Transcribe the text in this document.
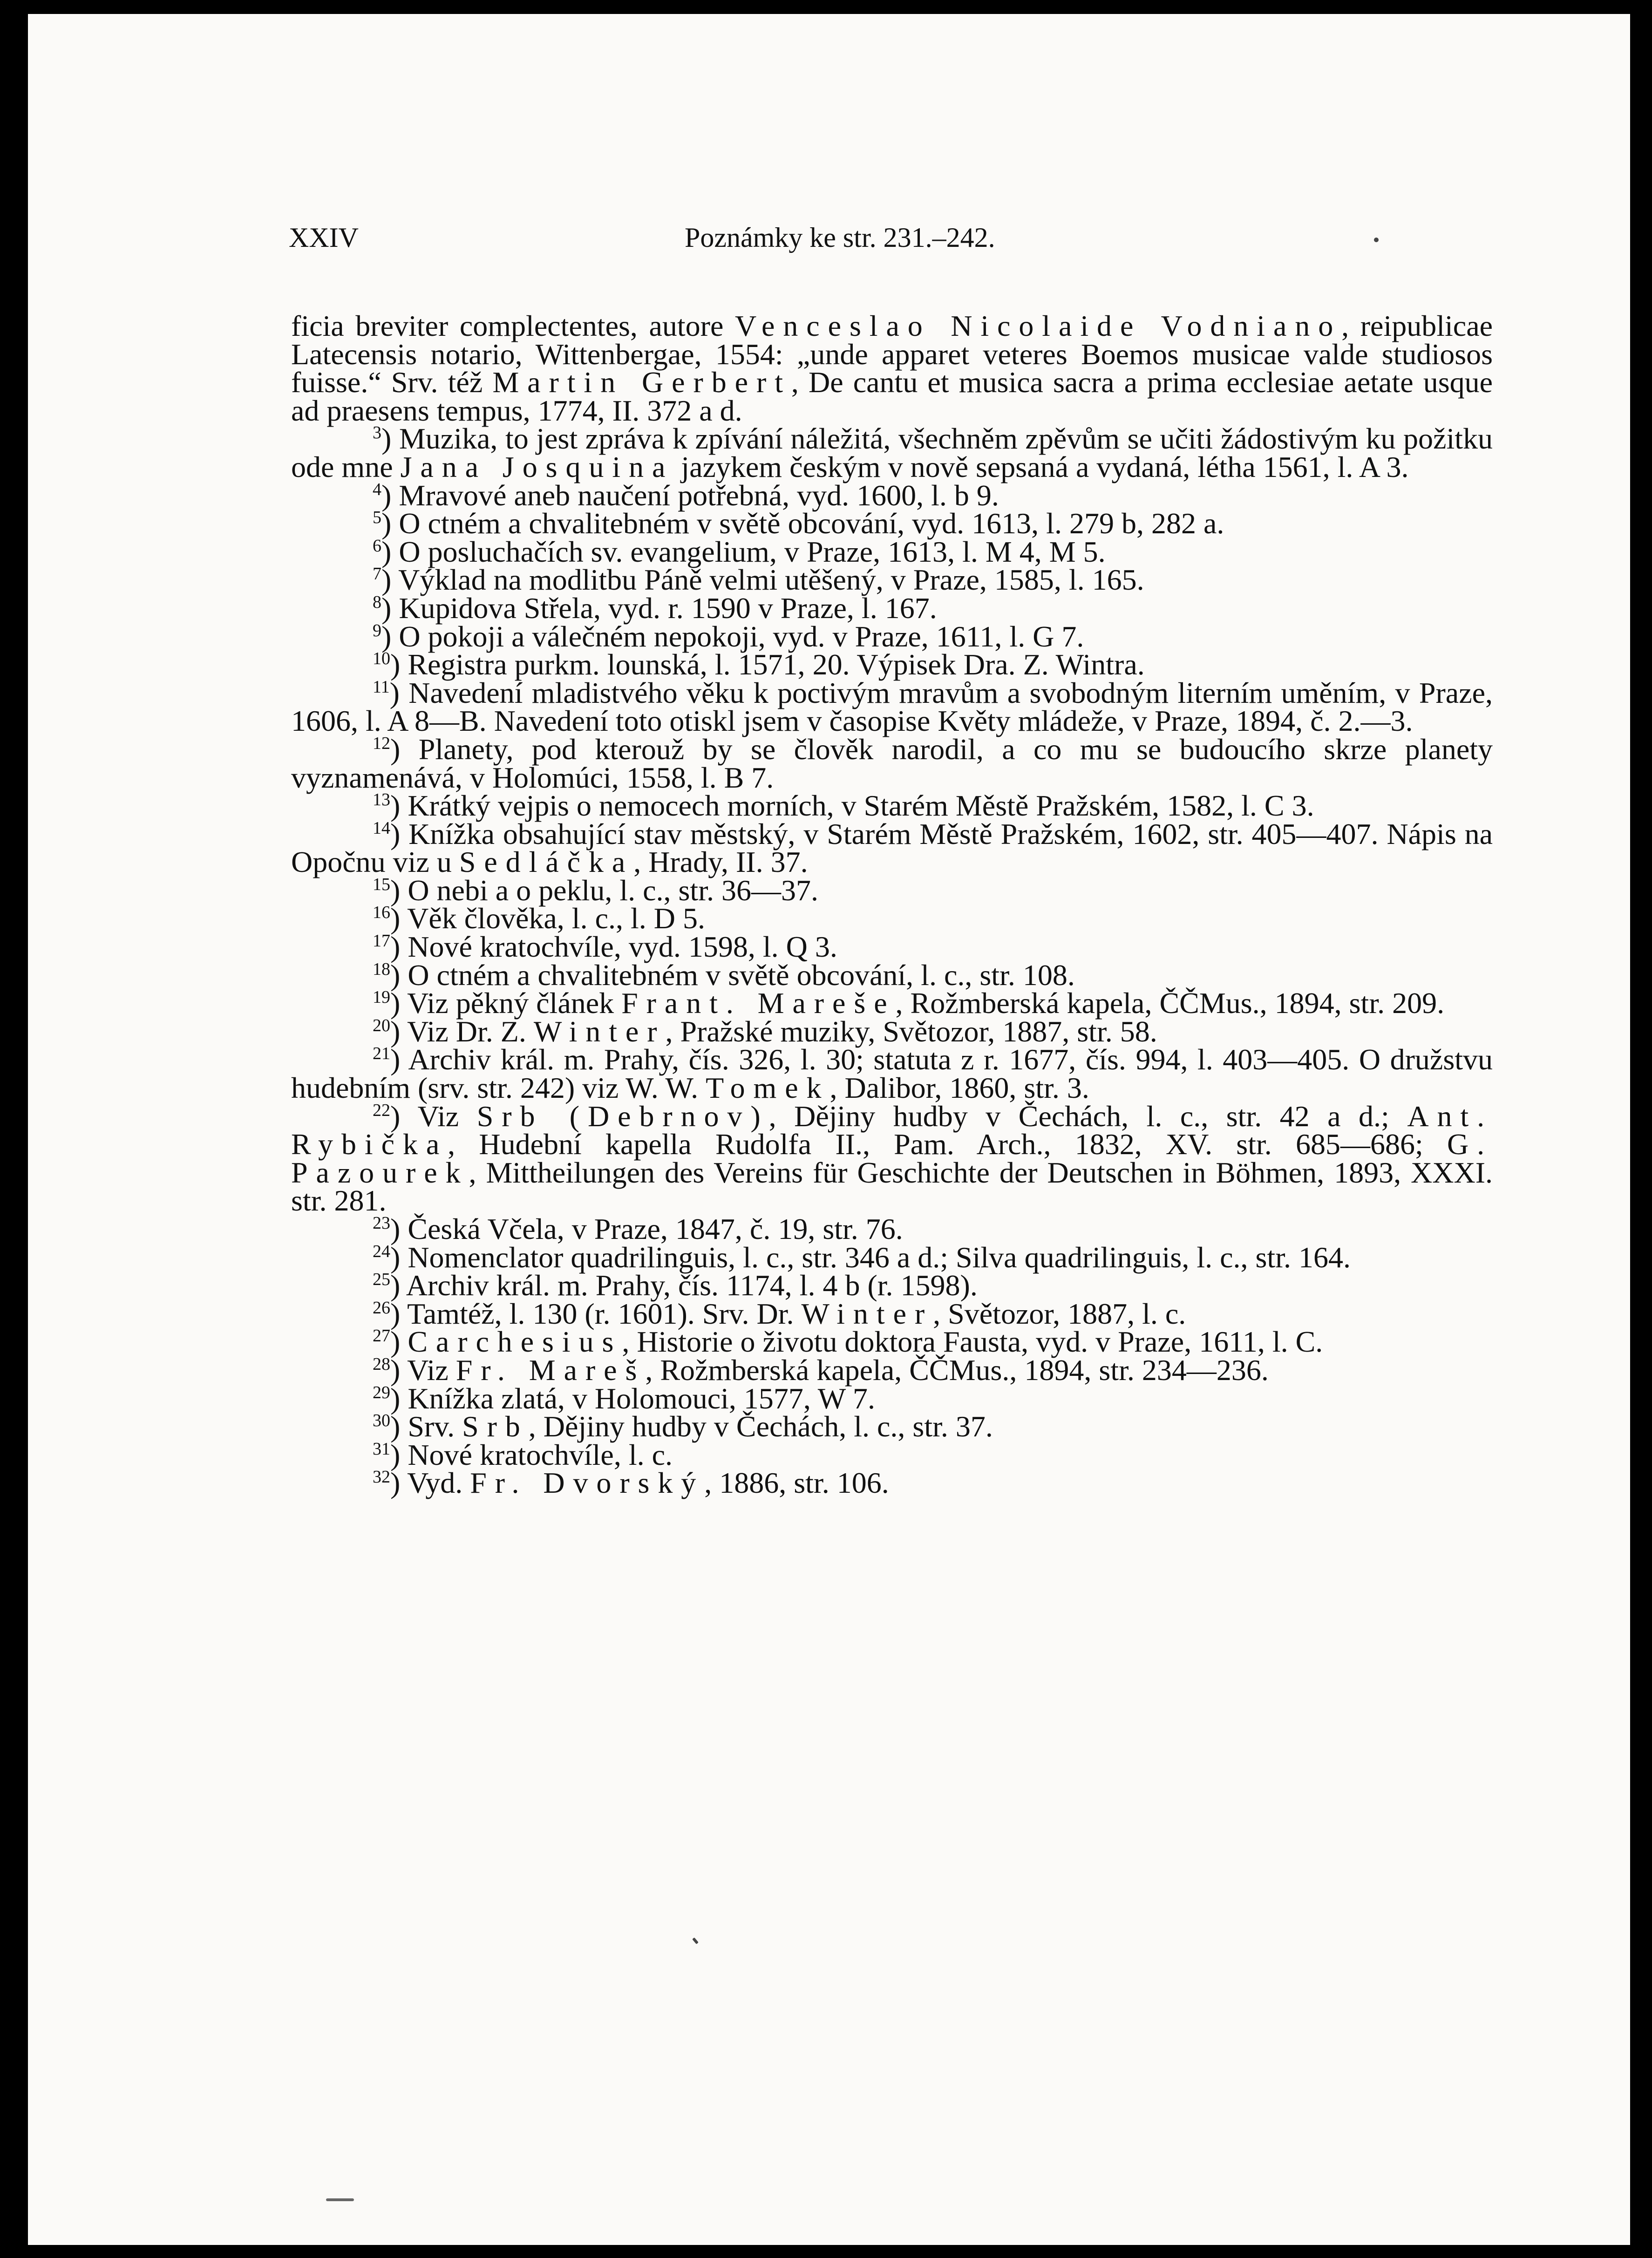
XXIV	Poznámky ke str. 231.–242.

ficia breviter complectentes, autore Venceslao Nicolaide Vodniano, reipublicae Latecensis notario, Wittenbergae, 1554: „unde apparet veteres Boemos musicae valde studiosos fuisse.“ Srv. též Martin Gerbert, De cantu et musica sacra a prima ecclesiae aetate usque ad praesens tempus, 1774, II. 372 a d.

$^3$) Muzika, to jest zpráva k zpívání náležitá, všechněm zpěvům se učiti žádostivým ku požitku ode mne Jana Josquina jazykem českým v nově sepsaná a vydaná, létha 1561, l. A 3.

$^4$) Mravové aneb naučení potřebná, vyd. 1600, l. b 9.

$^5$) O ctném a chvalitebném v světě obcování, vyd. 1613, l. 279 b, 282 a.

$^6$) O posluchačích sv. evangelium, v Praze, 1613, l. M 4, M 5.

$^7$) Výklad na modlitbu Páně velmi utěšený, v Praze, 1585, l. 165.

$^8$) Kupidova Střela, vyd. r. 1590 v Praze, l. 167.

$^9$) O pokoji a válečném nepokoji, vyd. v Praze, 1611, l. G 7.

$^{10}$) Registra purkm. lounská, l. 1571, 20. Výpisek Dra. Z. Wintra.

$^{11}$) Navedení mladistvého věku k poctivým mravům a svobodným literním uměním, v Praze, 1606, l. A 8—B. Navedení toto otiskl jsem v časopise Květy mládeže, v Praze, 1894, č. 2.—3.

$^{12}$) Planety, pod kterouž by se člověk narodil, a co mu se budoucího skrze planety vyznamenává, v Holomúci, 1558, l. B 7.

$^{13}$) Krátký vejpis o nemocech morních, v Starém Městě Pražském, 1582, l. C 3.

$^{14}$) Knížka obsahující stav městský, v Starém Městě Pražském, 1602, str. 405—407. Nápis na Opočnu viz u Sedláčka, Hrady, II. 37.

$^{15}$) O nebi a o peklu, l. c., str. 36—37.

$^{16}$) Věk člověka, l. c., l. D 5.

$^{17}$) Nové kratochvíle, vyd. 1598, l. Q 3.

$^{18}$) O ctném a chvalitebném v světě obcování, l. c., str. 108.

$^{19}$) Viz pěkný článek Frant. Mareše, Rožmberská kapela, ČČMus., 1894, str. 209.

$^{20}$) Viz Dr. Z. Winter, Pražské muziky, Světozor, 1887, str. 58.

$^{21}$) Archiv král. m. Prahy, čís. 326, l. 30; statuta z r. 1677, čís. 994, l. 403—405. O družstvu hudebním (srv. str. 242) viz W. W. Tomek, Dalibor, 1860, str. 3.

$^{22}$) Viz Srb (Debrnov), Dějiny hudby v Čechách, l. c., str. 42 a d.; Ant. Rybička, Hudební kapella Rudolfa II., Pam. Arch., 1832, XV. str. 685—686; G. Pazourek, Mittheilungen des Vereins für Geschichte der Deutschen in Böhmen, 1893, XXXI. str. 281.

$^{23}$) Česká Včela, v Praze, 1847, č. 19, str. 76.

$^{24}$) Nomenclator quadrilinguis, l. c., str. 346 a d.; Silva quadrilinguis, l. c., str. 164.

$^{25}$) Archiv král. m. Prahy, čís. 1174, l. 4 b (r. 1598).

$^{26}$) Tamtéž, l. 130 (r. 1601). Srv. Dr. Winter, Světozor, 1887, l. c.

$^{27}$) Carchesius, Historie o životu doktora Fausta, vyd. v Praze, 1611, l. C.

$^{28}$) Viz Fr. Mareš, Rožmberská kapela, ČČMus., 1894, str. 234—236.

$^{29}$) Knížka zlatá, v Holomouci, 1577, W 7.

$^{30}$) Srv. Srb, Dějiny hudby v Čechách, l. c., str. 37.

$^{31}$) Nové kratochvíle, l. c.

$^{32}$) Vyd. Fr. Dvorský, 1886, str. 106.
